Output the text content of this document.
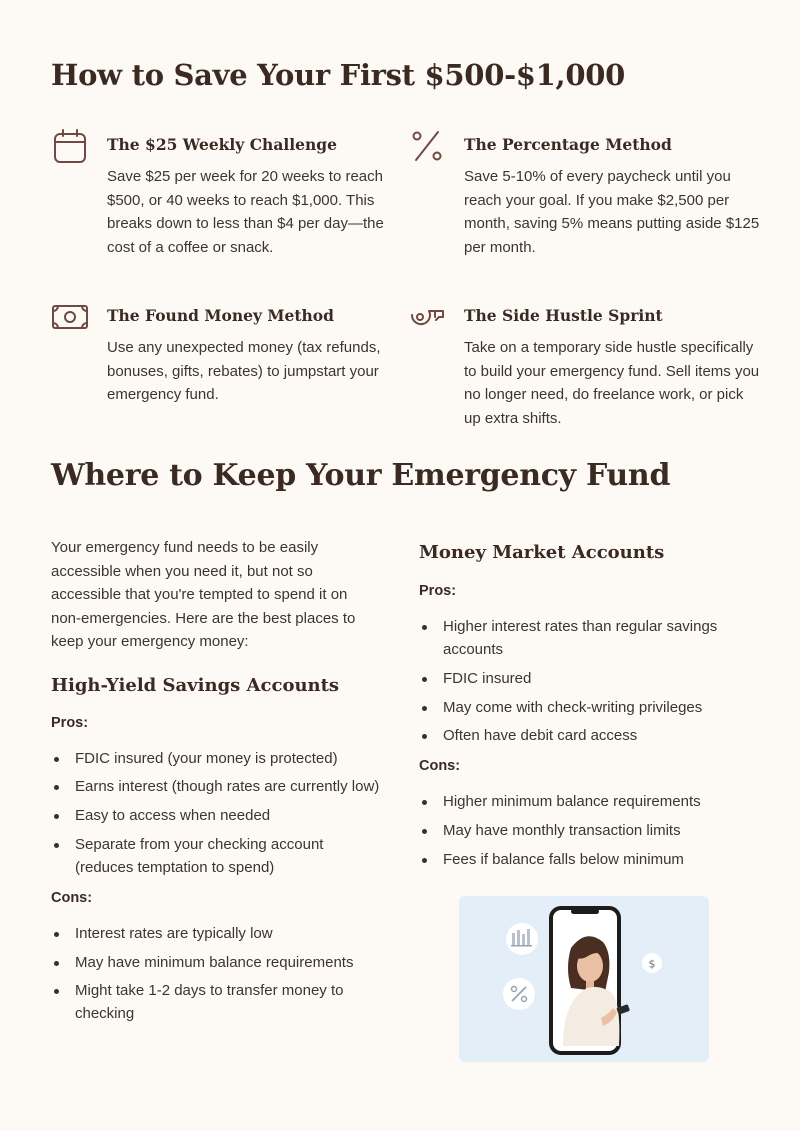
How to Save Your First $500-$1,000
The $25 Weekly Challenge

Save $25 per week for 20 weeks to reach $500, or 40 weeks to reach $1,000. This breaks down to less than $4 per day—the cost of a coffee or snack.

The Percentage Method

Save 5-10% of every paycheck until you reach your goal. If you make $2,500 per month, saving 5% means putting aside $125 per month.

The Found Money Method

Use any unexpected money (tax refunds, bonuses, gifts, rebates) to jumpstart your emergency fund.

The Side Hustle Sprint

Take on a temporary side hustle specifically to build your emergency fund. Sell items you no longer need, do freelance work, or pick up extra shifts.

Where to Keep Your Emergency Fund

Your emergency fund needs to be easily accessible when you need it, but not so accessible that you're tempted to spend it on non-emergencies. Here are the best places to keep your emergency money:

High-Yield Savings Accounts
Pros:
FDIC insured (your money is protected)
Earns interest (though rates are currently low)
Easy to access when needed
Separate from your checking account (reduces temptation to spend)
Cons:
Interest rates are typically low
May have minimum balance requirements
Might take 1-2 days to transfer money to checking
Money Market Accounts
Pros:
Higher interest rates than regular savings accounts
FDIC insured
May come with check-writing privileges
Often have debit card access
Cons:
Higher minimum balance requirements
May have monthly transaction limits
Fees if balance falls below minimum
$
